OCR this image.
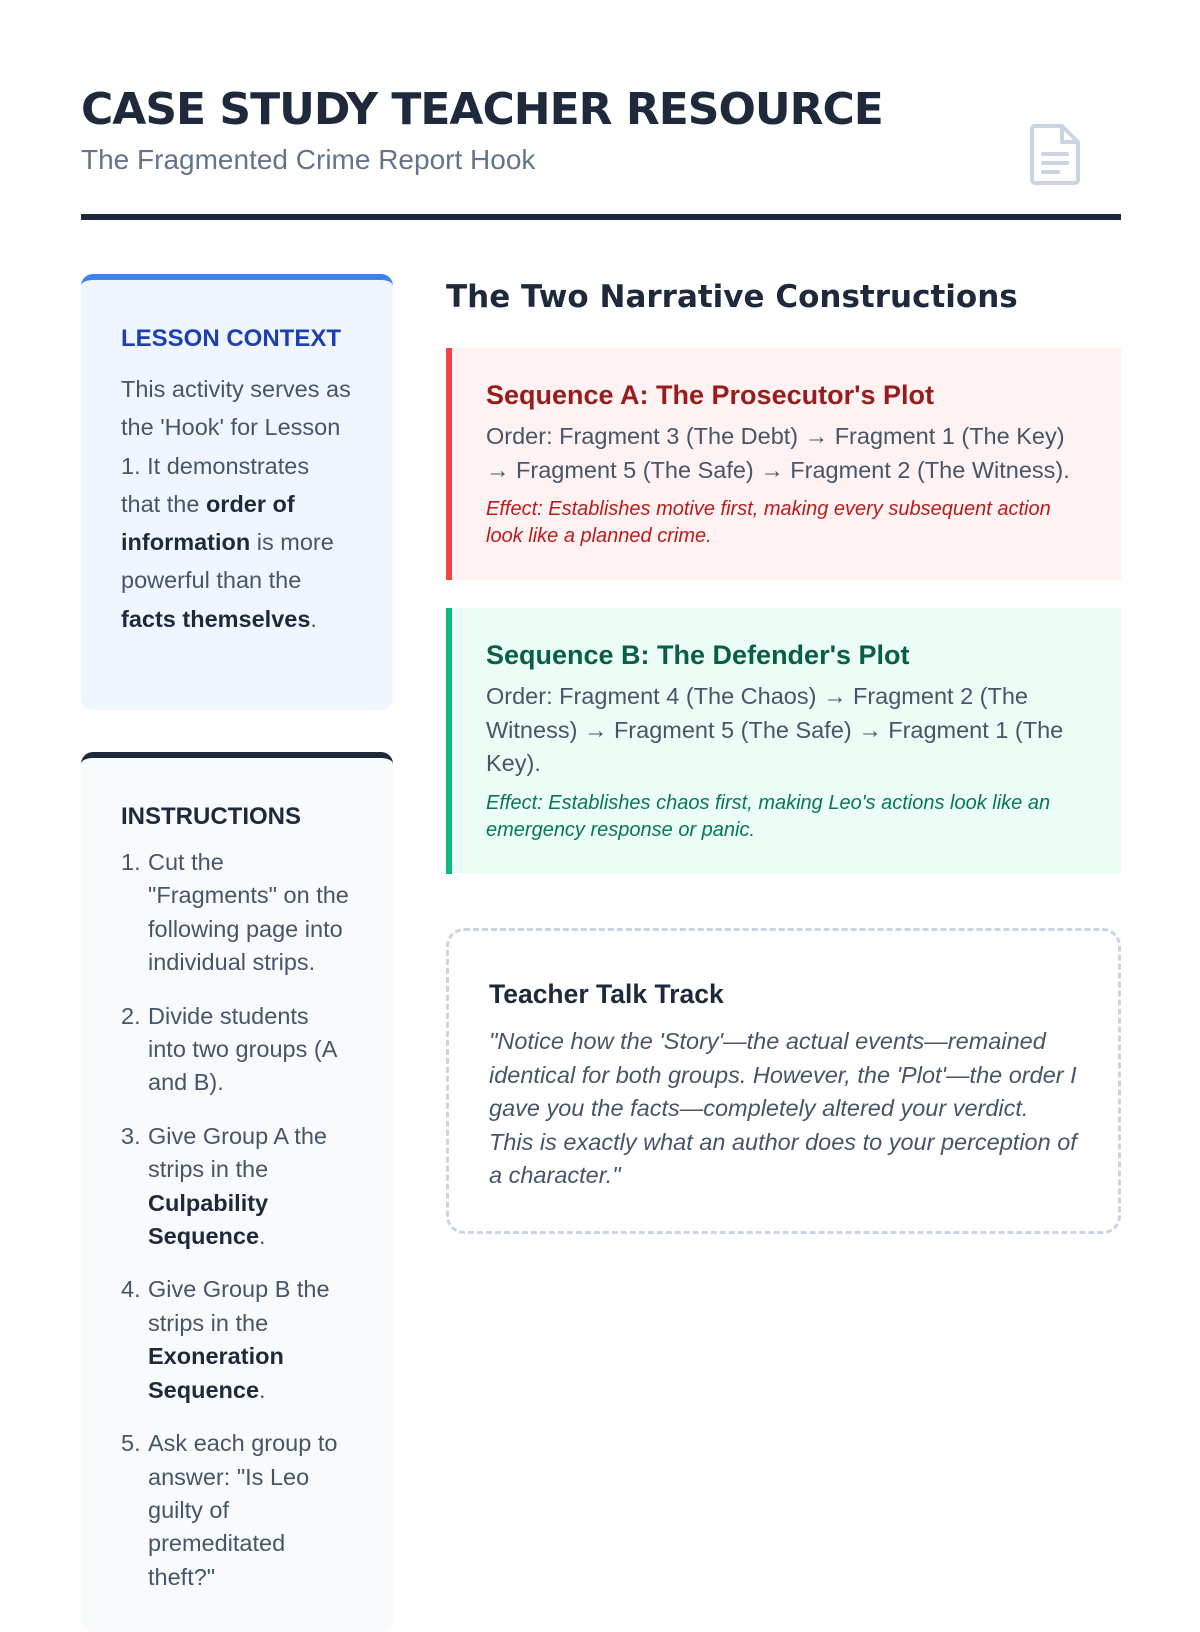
CASE STUDY TEACHER RESOURCE
The Fragmented Crime Report Hook
LESSON CONTEXT
This activity serves as the 'Hook' for Lesson 1. It demonstrates that the order of information is more powerful than the facts themselves.
INSTRUCTIONS
1. Cut the "Fragments" on the following page into individual strips.
2. Divide students into two groups (A and B).
3. Give Group A the strips in the Culpability Sequence.
4. Give Group B the strips in the Exoneration Sequence.
5. Ask each group to answer: "Is Leo guilty of premeditated theft?"
The Two Narrative Constructions
Sequence A: The Prosecutor's Plot
Order: Fragment 3 (The Debt) → Fragment 1 (The Key) → Fragment 5 (The Safe) → Fragment 2 (The Witness).
Effect: Establishes motive first, making every subsequent action look like a planned crime.
Sequence B: The Defender's Plot
Order: Fragment 4 (The Chaos) → Fragment 2 (The Witness) → Fragment 5 (The Safe) → Fragment 1 (The Key).
Effect: Establishes chaos first, making Leo's actions look like an emergency response or panic.
Teacher Talk Track
"Notice how the 'Story'—the actual events—remained identical for both groups. However, the 'Plot'—the order I gave you the facts—completely altered your verdict. This is exactly what an author does to your perception of a character."
